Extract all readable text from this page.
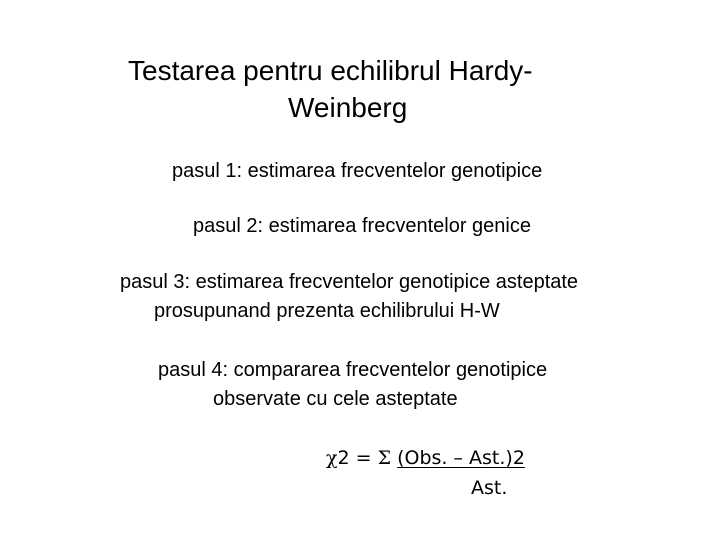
Testarea pentru echilibrul Hardy-
Weinberg
pasul 1: estimarea frecventelor genotipice
pasul 2: estimarea frecventelor genice
pasul 3: estimarea frecventelor genotipice asteptate
prosupunand prezenta echilibrului H-W
pasul 4: compararea frecventelor genotipice
observate cu cele asteptate
χ2 = Σ (Obs. – Ast.)2
Ast.
